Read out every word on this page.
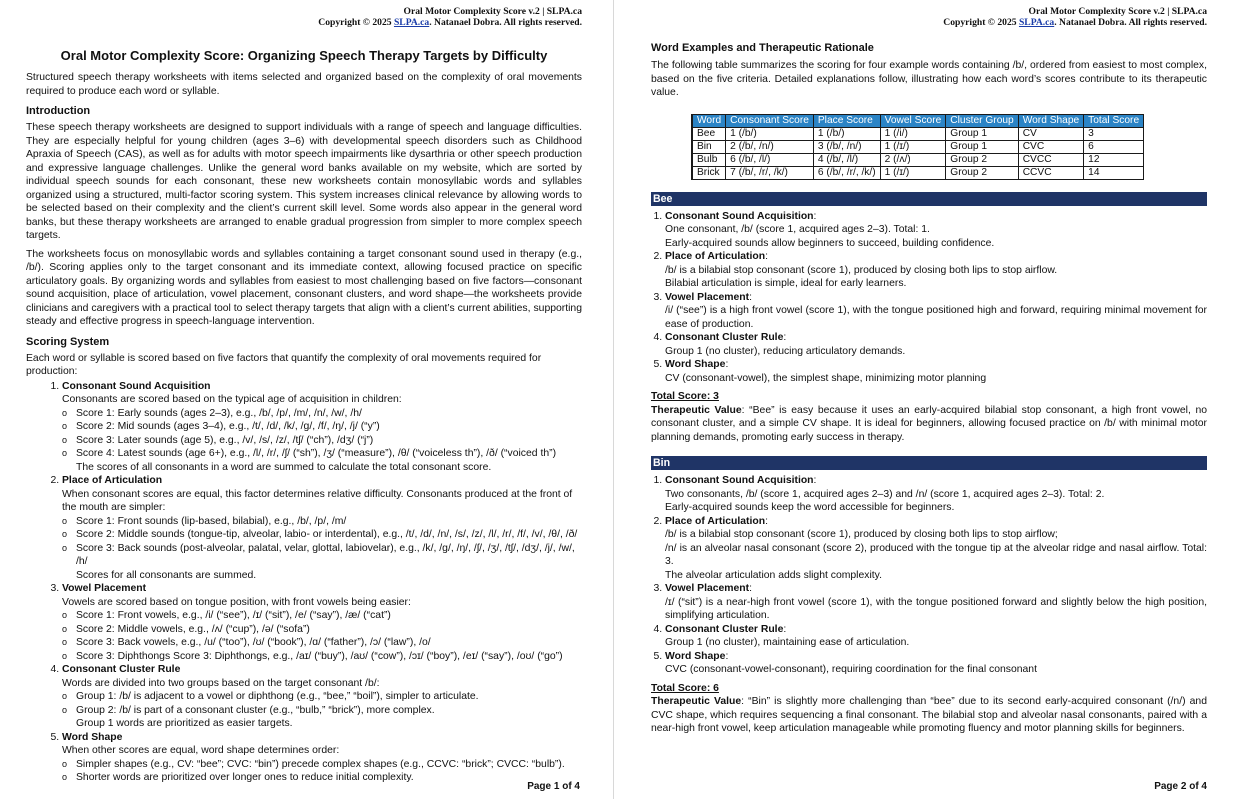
Oral Motor Complexity Score v.2 | SLPA.ca
Copyright © 2025 SLPA.ca. Natanael Dobra. All rights reserved.
Oral Motor Complexity Score: Organizing Speech Therapy Targets by Difficulty

Structured speech therapy worksheets with items selected and organized based on the complexity of oral movements required to produce each word or syllable.

Introduction

These speech therapy worksheets are designed to support individuals with a range of speech and language difficulties. They are especially helpful for young children (ages 3–6) with developmental speech disorders such as Childhood Apraxia of Speech (CAS), as well as for adults with motor speech impairments like dysarthria or other speech production and expressive language challenges. Unlike the general word banks available on my website, which are sorted by individual speech sounds for each consonant, these new worksheets contain monosyllabic words and syllables organized using a structured, multi-factor scoring system. This system increases clinical relevance by allowing words to be selected based on their complexity and the client’s current skill level. Some words also appear in the general word banks, but these therapy worksheets are arranged to enable gradual progression from simpler to more complex speech targets.

The worksheets focus on monosyllabic words and syllables containing a target consonant sound used in therapy (e.g., /b/). Scoring applies only to the target consonant and its immediate context, allowing focused practice on specific articulatory goals. By organizing words and syllables from easiest to most challenging based on five factors—consonant sound acquisition, place of articulation, vowel placement, consonant clusters, and word shape—the worksheets provide clinicians and caregivers with a practical tool to select therapy targets that align with a client’s current abilities, supporting steady and effective progress in speech-language intervention.

Scoring System

Each word or syllable is scored based on five factors that quantify the complexity of oral movements required for production:

1. Consonant Sound Acquisition
Consonants are scored based on the typical age of acquisition in children:
o Score 1: Early sounds (ages 2–3), e.g., /b/, /p/, /m/, /n/, /w/, /h/
o Score 2: Mid sounds (ages 3–4), e.g., /t/, /d/, /k/, /g/, /f/, /ŋ/, /j/ (“y”)
o Score 3: Later sounds (age 5), e.g., /v/, /s/, /z/, /tʃ/ (“ch”), /dʒ/ (“j”)
o Score 4: Latest sounds (age 6+), e.g., /l/, /r/, /ʃ/ (“sh”), /ʒ/ (“measure”), /θ/ (“voiceless th”), /ð/ (“voiced th”)
The scores of all consonants in a word are summed to calculate the total consonant score.
2. Place of Articulation
When consonant scores are equal, this factor determines relative difficulty. Consonants produced at the front of the mouth are simpler:
o Score 1: Front sounds (lip-based, bilabial), e.g., /b/, /p/, /m/
o Score 2: Middle sounds (tongue-tip, alveolar, labio- or interdental), e.g., /t/, /d/, /n/, /s/, /z/, /l/, /r/, /f/, /v/, /θ/, /ð/
o Score 3: Back sounds (post-alveolar, palatal, velar, glottal, labiovelar), e.g., /k/, /g/, /ŋ/, /ʃ/, /ʒ/, /tʃ/, /dʒ/, /j/, /w/, /h/
Scores for all consonants are summed.
3. Vowel Placement
Vowels are scored based on tongue position, with front vowels being easier:
o Score 1: Front vowels, e.g., /i/ (“see”), /ɪ/ (“sit”), /e/ (“say”), /æ/ (“cat”)
o Score 2: Middle vowels, e.g., /ʌ/ (“cup”), /ə/ (“sofa”)
o Score 3: Back vowels, e.g., /u/ (“too”), /ʊ/ (“book”), /ɑ/ (“father”), /ɔ/ (“law”), /o/
o Score 3: Diphthongs Score 3: Diphthongs, e.g., /aɪ/ (“buy”), /aʊ/ (“cow”), /ɔɪ/ (“boy”), /eɪ/ (“say”), /oʊ/ (“go”)
4. Consonant Cluster Rule
Words are divided into two groups based on the target consonant /b/:
o Group 1: /b/ is adjacent to a vowel or diphthong (e.g., “bee,” “boil”), simpler to articulate.
o Group 2: /b/ is part of a consonant cluster (e.g., “bulb,” “brick”), more complex.
Group 1 words are prioritized as easier targets.
5. Word Shape
When other scores are equal, word shape determines order:
o Simpler shapes (e.g., CV: “bee”; CVC: “bin”) precede complex shapes (e.g., CCVC: “brick”; CVCC: “bulb”).
o Shorter words are prioritized over longer ones to reduce initial complexity.
Page 1 of 4
Oral Motor Complexity Score v.2 | SLPA.ca
Copyright © 2025 SLPA.ca. Natanael Dobra. All rights reserved.
Word Examples and Therapeutic Rationale

The following table summarizes the scoring for four example words containing /b/, ordered from easiest to most complex, based on the five criteria. Detailed explanations follow, illustrating how each word’s scores contribute to its therapeutic value.

Word	Consonant Score	Place Score	Vowel Score	Cluster Group	Word Shape	Total Score
Bee	1 (/b/)	1 (/b/)	1 (/i/)	Group 1	CV	3
Bin	2 (/b/, /n/)	3 (/b/, /n/)	1 (/ɪ/)	Group 1	CVC	6
Bulb	6 (/b/, /l/)	4 (/b/, /l/)	2 (/ʌ/)	Group 2	CVCC	12
Brick	7 (/b/, /r/, /k/)	6 (/b/, /r/, /k/)	1 (/ɪ/)	Group 2	CCVC	14
Bee
1. Consonant Sound Acquisition:

One consonant, /b/ (score 1, acquired ages 2–3). Total: 1.

Early-acquired sounds allow beginners to succeed, building confidence.

2. Place of Articulation:

/b/ is a bilabial stop consonant (score 1), produced by closing both lips to stop airflow.

Bilabial articulation is simple, ideal for early learners.

3. Vowel Placement:

/i/ (“see”) is a high front vowel (score 1), with the tongue positioned high and forward, requiring minimal movement for ease of production.

4. Consonant Cluster Rule:

Group 1 (no cluster), reducing articulatory demands.

5. Word Shape:

CV (consonant-vowel), the simplest shape, minimizing motor planning

Total Score: 3

Therapeutic Value: “Bee” is easy because it uses an early-acquired bilabial stop consonant, a high front vowel, no consonant cluster, and a simple CV shape. It is ideal for beginners, allowing focused practice on /b/ with minimal motor planning demands, promoting early success in therapy.

Bin
1. Consonant Sound Acquisition:

Two consonants, /b/ (score 1, acquired ages 2–3) and /n/ (score 1, acquired ages 2–3). Total: 2.

Early-acquired sounds keep the word accessible for beginners.

2. Place of Articulation:

/b/ is a bilabial stop consonant (score 1), produced by closing both lips to stop airflow;

/n/ is an alveolar nasal consonant (score 2), produced with the tongue tip at the alveolar ridge and nasal airflow. Total: 3.

The alveolar articulation adds slight complexity.

3. Vowel Placement:

/ɪ/ (“sit”) is a near-high front vowel (score 1), with the tongue positioned forward and slightly below the high position, simplifying articulation.

4. Consonant Cluster Rule:

Group 1 (no cluster), maintaining ease of articulation.

5. Word Shape:

CVC (consonant-vowel-consonant), requiring coordination for the final consonant

Total Score: 6

Therapeutic Value: “Bin” is slightly more challenging than “bee” due to its second early-acquired consonant (/n/) and CVC shape, which requires sequencing a final consonant. The bilabial stop and alveolar nasal consonants, paired with a near-high front vowel, keep articulation manageable while promoting fluency and motor planning skills for beginners.

Page 2 of 4
